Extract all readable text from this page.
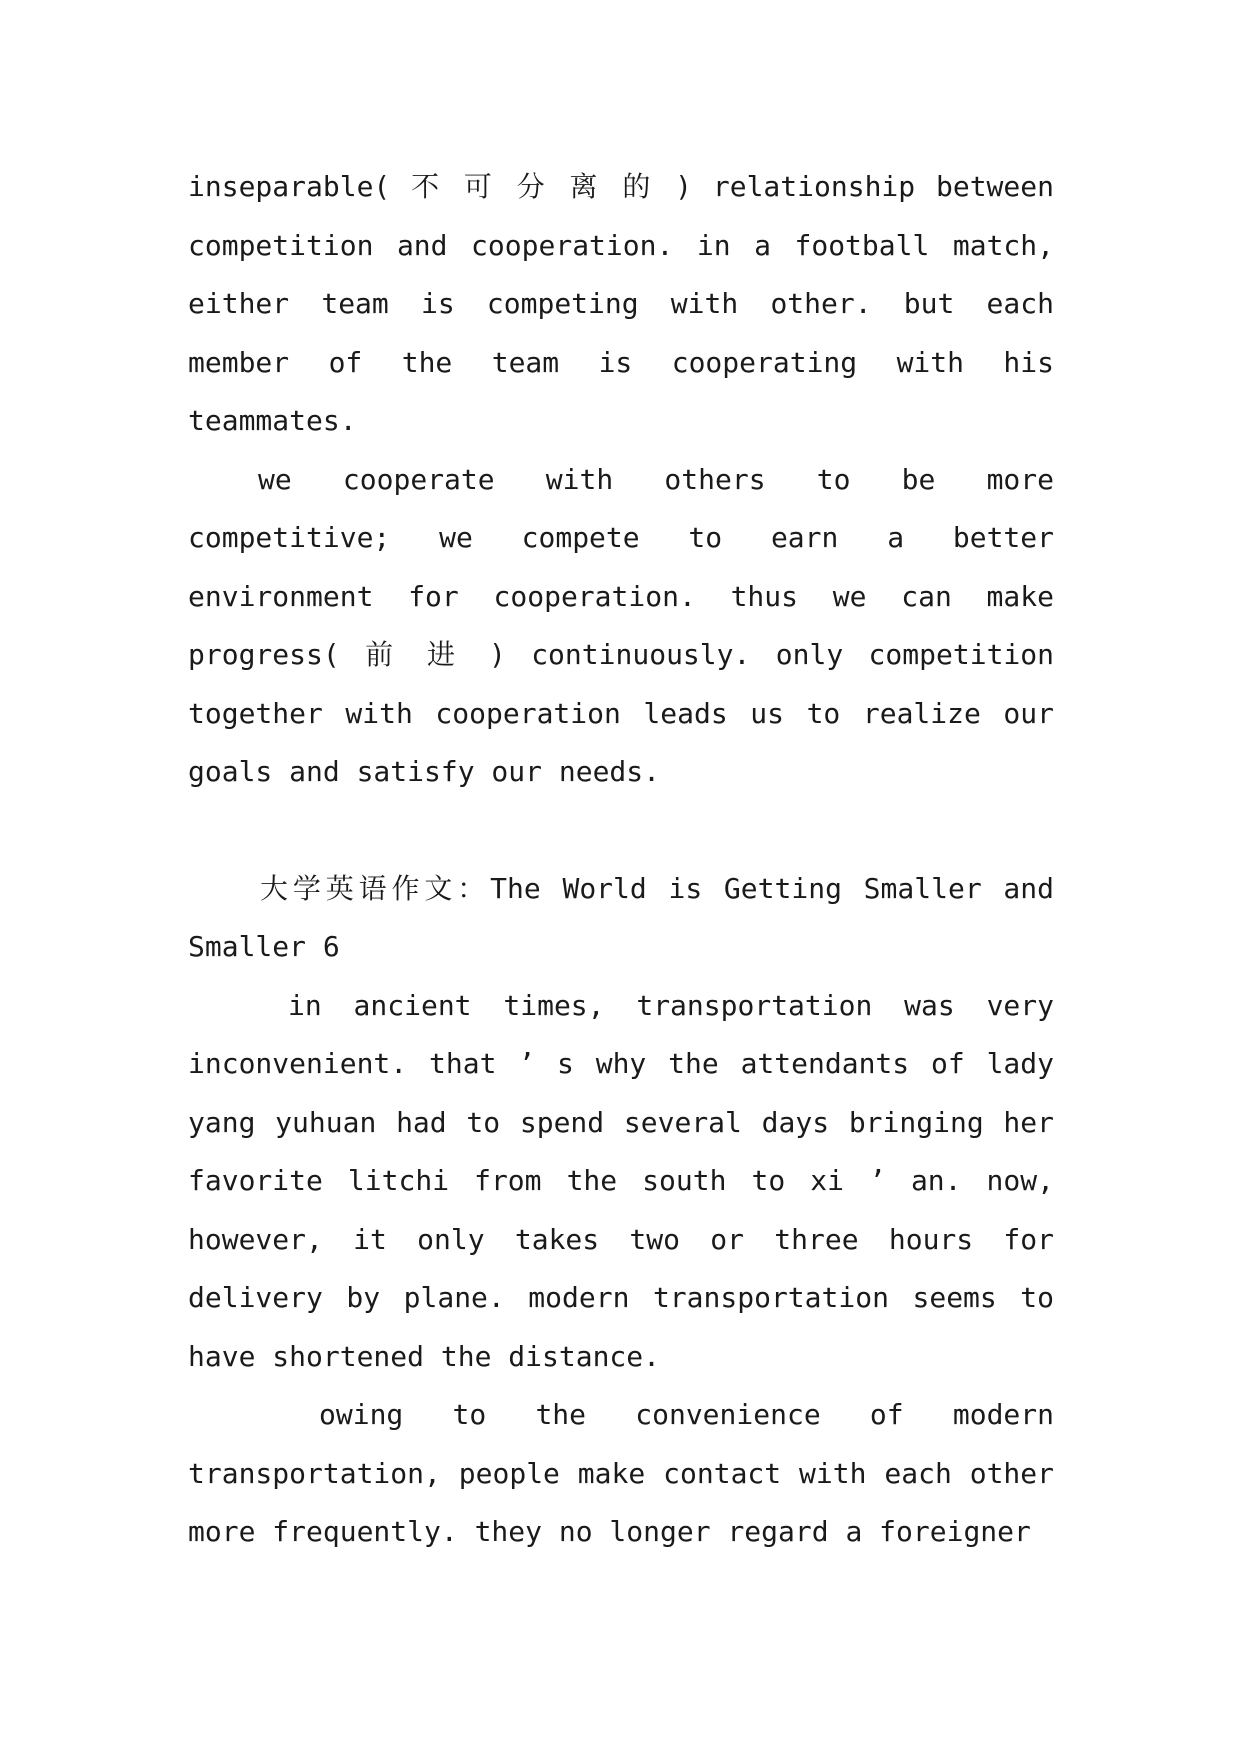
inseparable( 不 可 分 离 的 ) relationship between competition and cooperation. in a football match, either team is competing with other. but each member of the team is cooperating with his teammates.

we cooperate with others to be more competitive; we compete to earn a better environment for cooperation. thus we can make progress( 前 进 ) continuously. only competition together with cooperation leads us to realize our goals and satisfy our needs.

大学英语作文：The World is Getting Smaller and Smaller 6

in ancient times, transportation was very inconvenient. that ’ s why the attendants of lady yang yuhuan had to spend several days bringing her favorite litchi from the south to xi ’ an. now, however, it only takes two or three hours for delivery by plane. modern transportation seems to have shortened the distance.

owing to the convenience of modern transportation, people make contact with each other more frequently. they no longer regard a foreigner
